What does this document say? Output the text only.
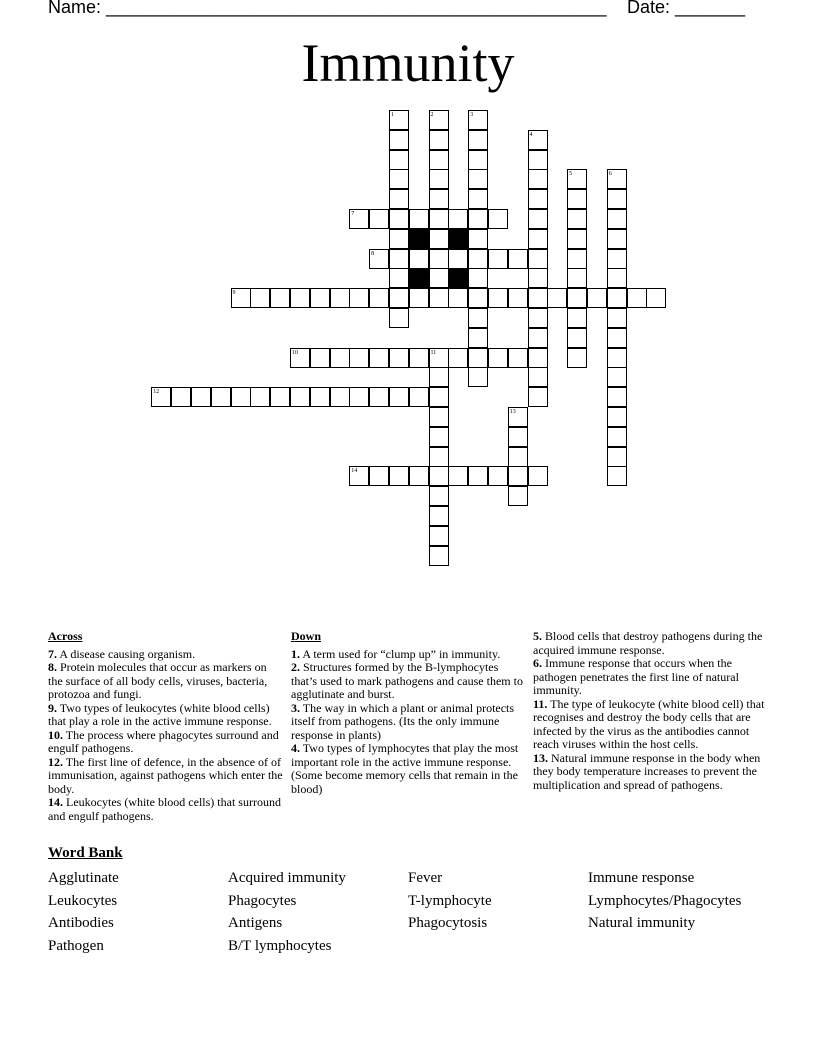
Name: __________________________________________________ Date: _______
Immunity
1	2	3
4
5	6
7
8
9
10	11
12
13
14
Across
7. A disease causing organism.
8. Protein molecules that occur as markers on the surface of all body cells, viruses, bacteria, protozoa and fungi.
9. Two types of leukocytes (white blood cells) that play a role in the active immune response.
10. The process where phagocytes surround and engulf pathogens.
12. The first line of defence, in the absence of of immunisation, against pathogens which enter the body.
14. Leukocytes (white blood cells) that surround and engulf pathogens.
Down
1. A term used for “clump up” in immunity.
2. Structures formed by the B-lymphocytes that’s used to mark pathogens and cause them to agglutinate and burst.
3. The way in which a plant or animal protects itself from pathogens. (Its the only immune response in plants)
4. Two types of lymphocytes that play the most important role in the active immune response. (Some become memory cells that remain in the blood)
5. Blood cells that destroy pathogens during the acquired immune response.
6. Immune response that occurs when the pathogen penetrates the first line of natural immunity.
11. The type of leukocyte (white blood cell) that recognises and destroy the body cells that are infected by the virus as the antibodies cannot reach viruses within the host cells.
13. Natural immune response in the body when they body temperature increases to prevent the multiplication and spread of pathogens.
Word Bank
Agglutinate	Acquired immunity	Fever	Immune response
Leukocytes	Phagocytes	T-lymphocyte	Lymphocytes/Phagocytes
Antibodies	Antigens	Phagocytosis	Natural immunity
Pathogen	B/T lymphocytes
